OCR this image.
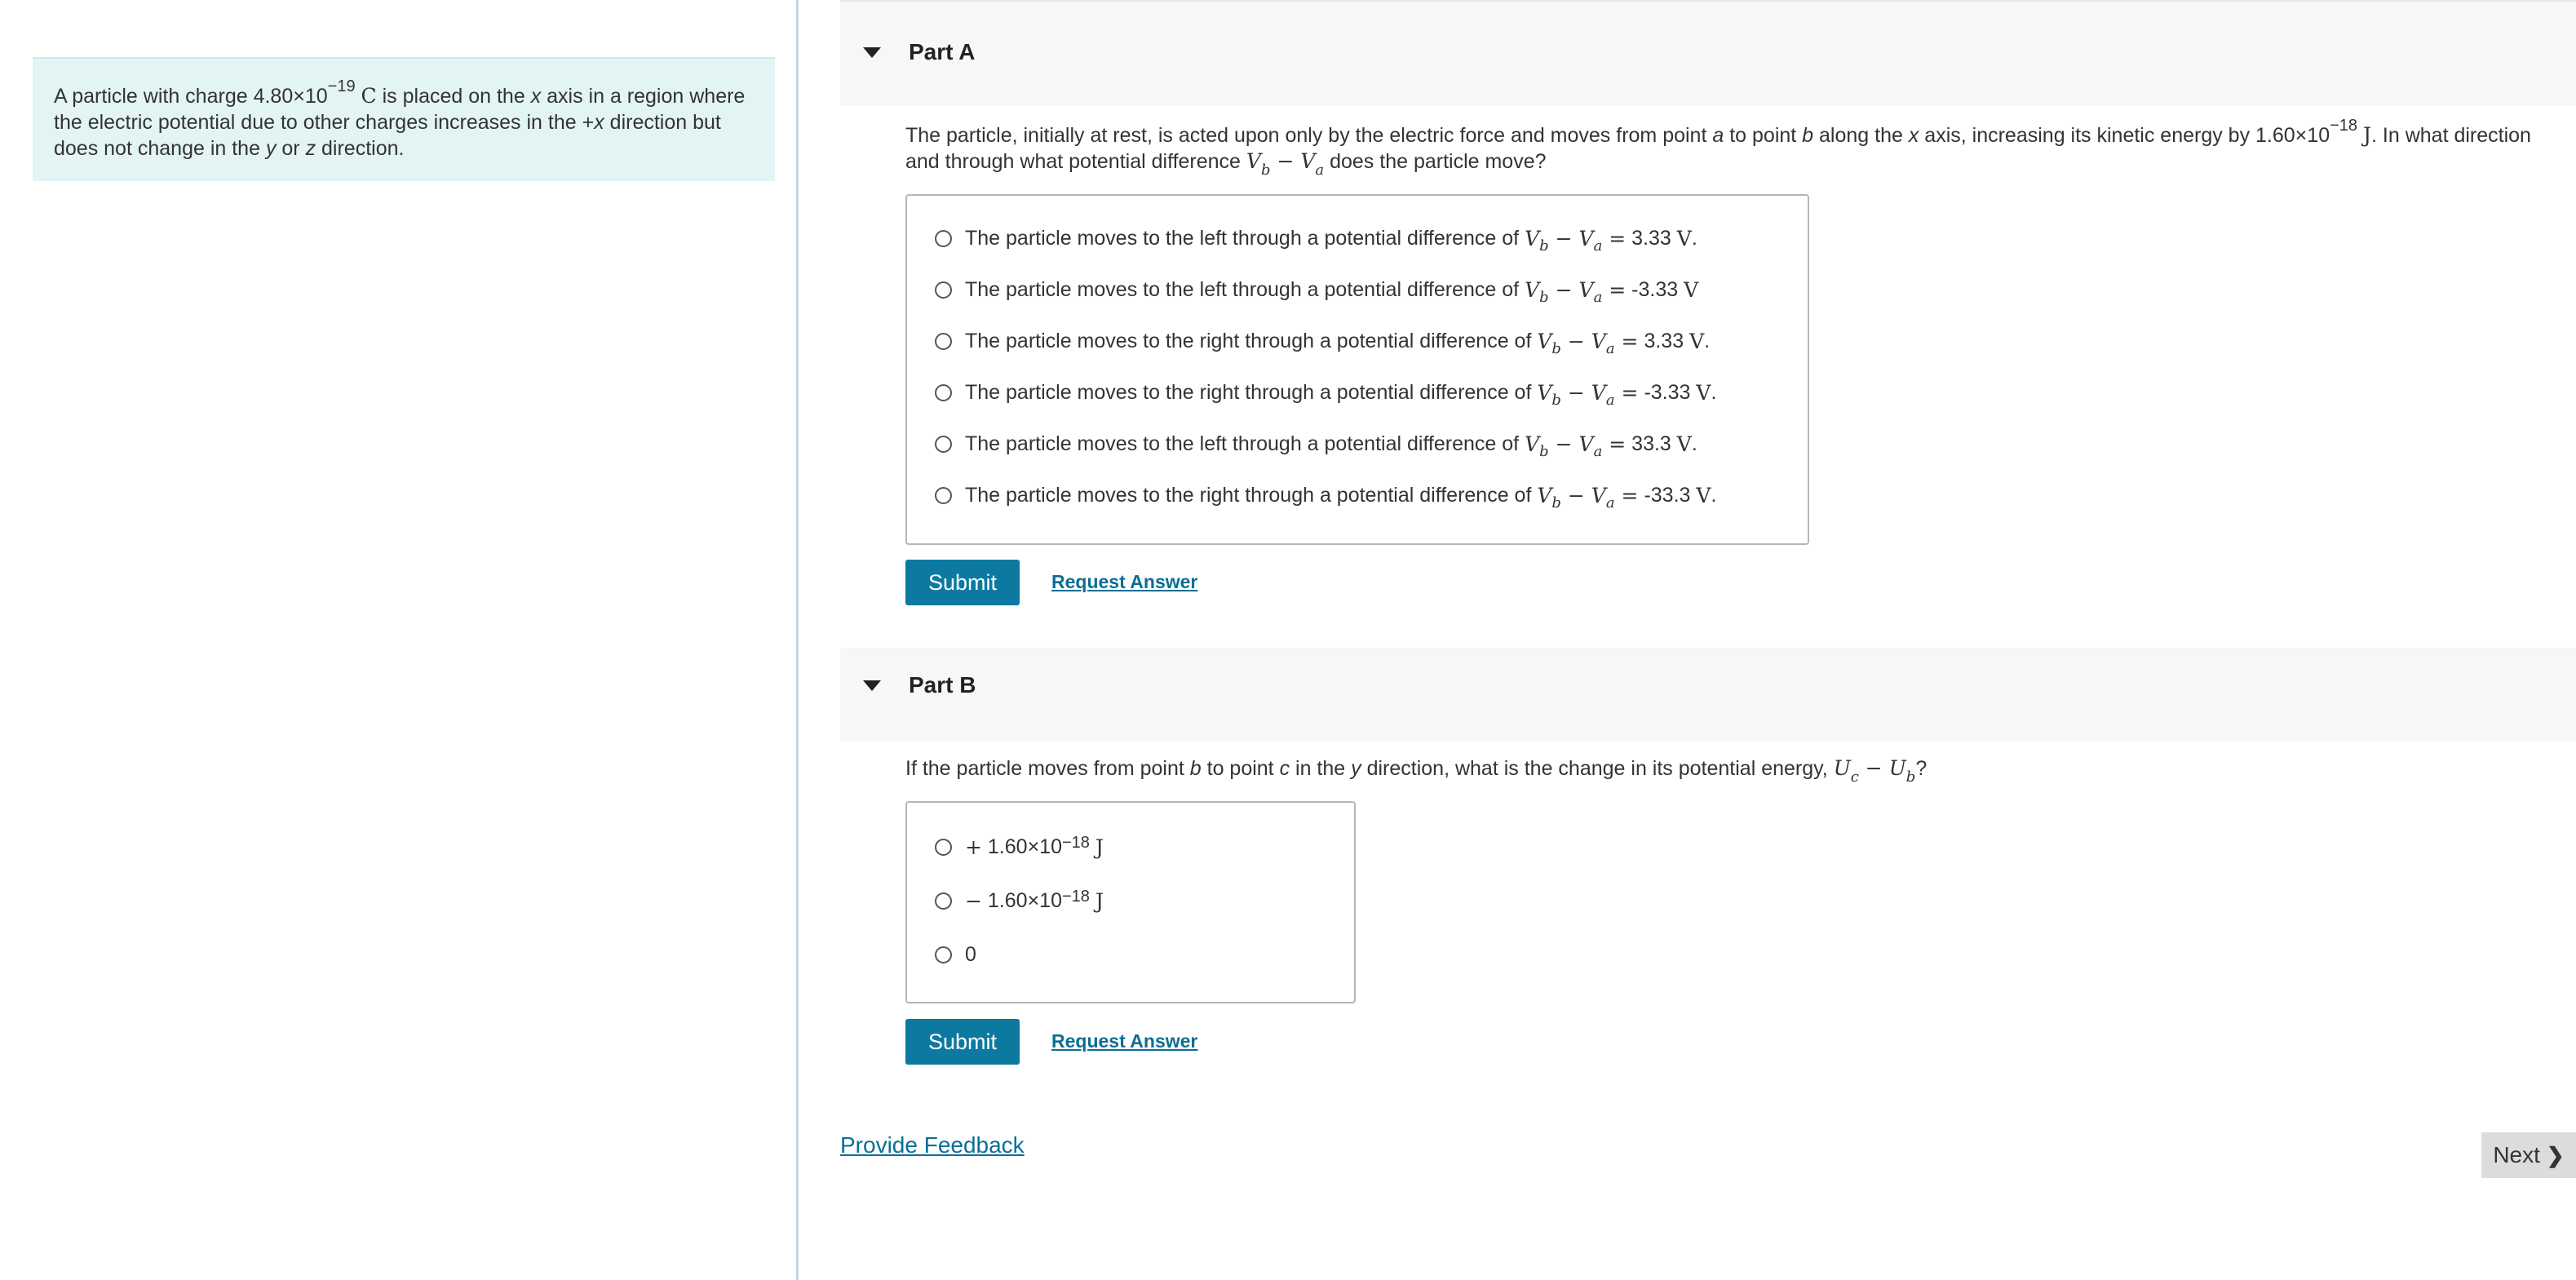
A particle with charge $4.80\times 10^{-19}$ C is placed on the x axis in a region where the electric potential due to other charges increases in the +x direction but does not change in the y or z direction.
Part A
The particle, initially at rest, is acted upon only by the electric force and moves from point a to point b along the x axis, increasing its kinetic energy by $1.60\times 10^{-18}$ J. In what direction and through what potential difference $V_b - V_a$ does the particle move?
The particle moves to the left through a potential difference of
$V_b - V_a$ =
3.33
V .
The particle moves to the left through a potential difference of
$V_b - V_a$ =
-3.33
V
The particle moves to the right through a potential difference of
$V_b - V_a$ =
3.33
V .
The particle moves to the right through a potential difference of
$V_b - V_a$ =
-3.33
V .
The particle moves to the left through a potential difference of
$V_b - V_a$ =
33.3
V .
The particle moves to the right through a potential difference of
$V_b - V_a$ =
-33.3
V .
Submit	Request Answer
Part B
If the particle moves from point b to point c in the y direction, what is the change in its potential energy, $U_c - U_b$?
+
$1.60\times 10^{-18}$
J
−
$1.60\times 10^{-18}$
J
0
Submit	Request Answer
Provide Feedback	Next ❯
